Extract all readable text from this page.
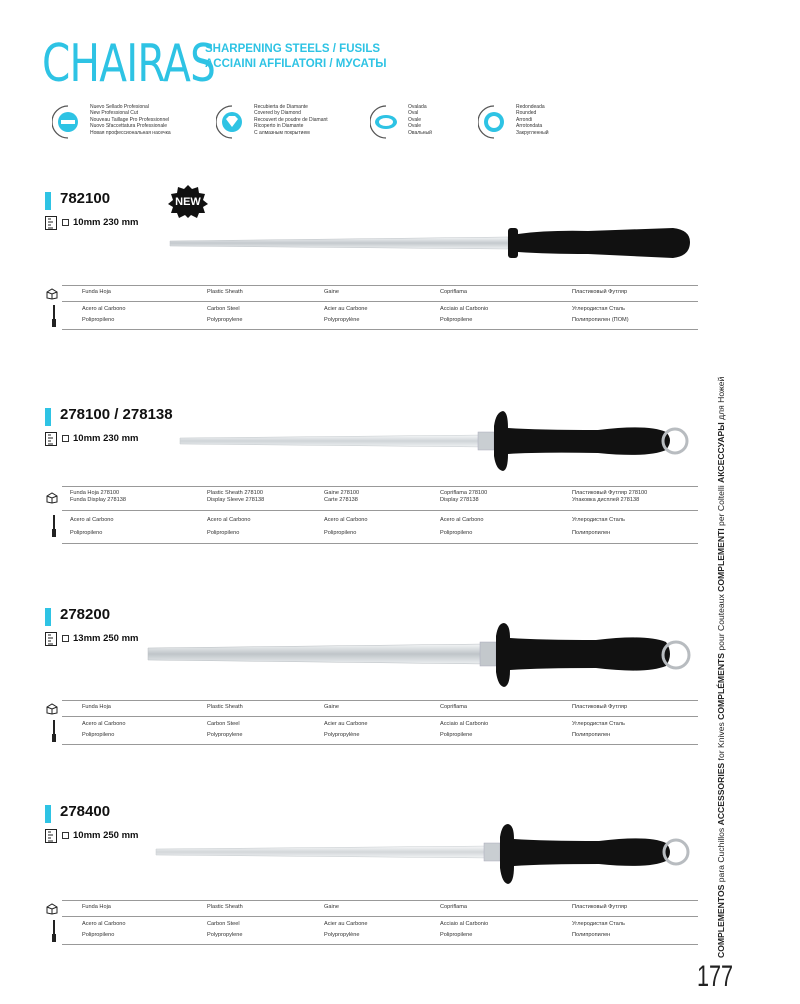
CHAIRAS
SHARPENING STEELS / FUSILS
ACCIAINI AFFILATORI / МУСАТЫ
Nuevo Sellado Profesional
New Professional Cut
Nouveau Taillage Pro Professionnel
Nuovo Sfaccettatura Professionale
Новая профессиональная насечка
Recubierta de Diamante
Covered by Diamond
Recouvert de poudre de Diamant
Ricoperto in Diamante
С алмазным покрытием
Ovalada
Oval
Ovale
Ovale
Овальный
Redondeada
Rounded
Arrondi
Arrotondata
Закругленный
NEW
782100
10mm 230 mm
Funda Hoja	Plastic Sheath	Gaine	Copriflama	Пластиковый Футляр
Acero al Carbono	Carbon Steel	Acier au Carbone	Acciaio al Carbonio	Углеродистая Сталь
Polipropileno	Polypropylene	Polypropylène	Polipropilene	Полипропилен (ПОМ)
278100 / 278138
10mm 230 mm
Funda Hoja 278100	Plastic Sheath 278100	Gaine 278100	Copriflama 278100	Пластиковый Футляр 278100
Funda Display 278138	Display Sleeve 278138	Carte 278138	Display 278138	Упаковка дисплей 278138
Acero al Carbono	Acero al Carbono	Acero al Carbono	Acero al Carbono	Углеродистая Сталь
Polipropileno	Polipropileno	Polipropileno	Polipropileno	Полипропилен
278200
13mm 250 mm
Funda Hoja	Plastic Sheath	Gaine	Copriflama	Пластиковый Футляр
Acero al Carbono	Carbon Steel	Acier au Carbone	Acciaio al Carbonio	Углеродистая Сталь
Polipropileno	Polypropylene	Polypropylène	Polipropilene	Полипропилен
278400
10mm 250 mm
Funda Hoja	Plastic Sheath	Gaine	Copriflama	Пластиковый Футляр
Acero al Carbono	Carbon Steel	Acier au Carbone	Acciaio al Carbonio	Углеродистая Сталь
Polipropileno	Polypropylene	Polypropylène	Polipropilene	Полипропилен	COMPLEMENTOS para Cuchillos ACCESSORIES for Knives COMPLÉMENTS pour Couteaux COMPLEMENTI per Coltelli АКСЕССУАРЫ для Ножей
177
